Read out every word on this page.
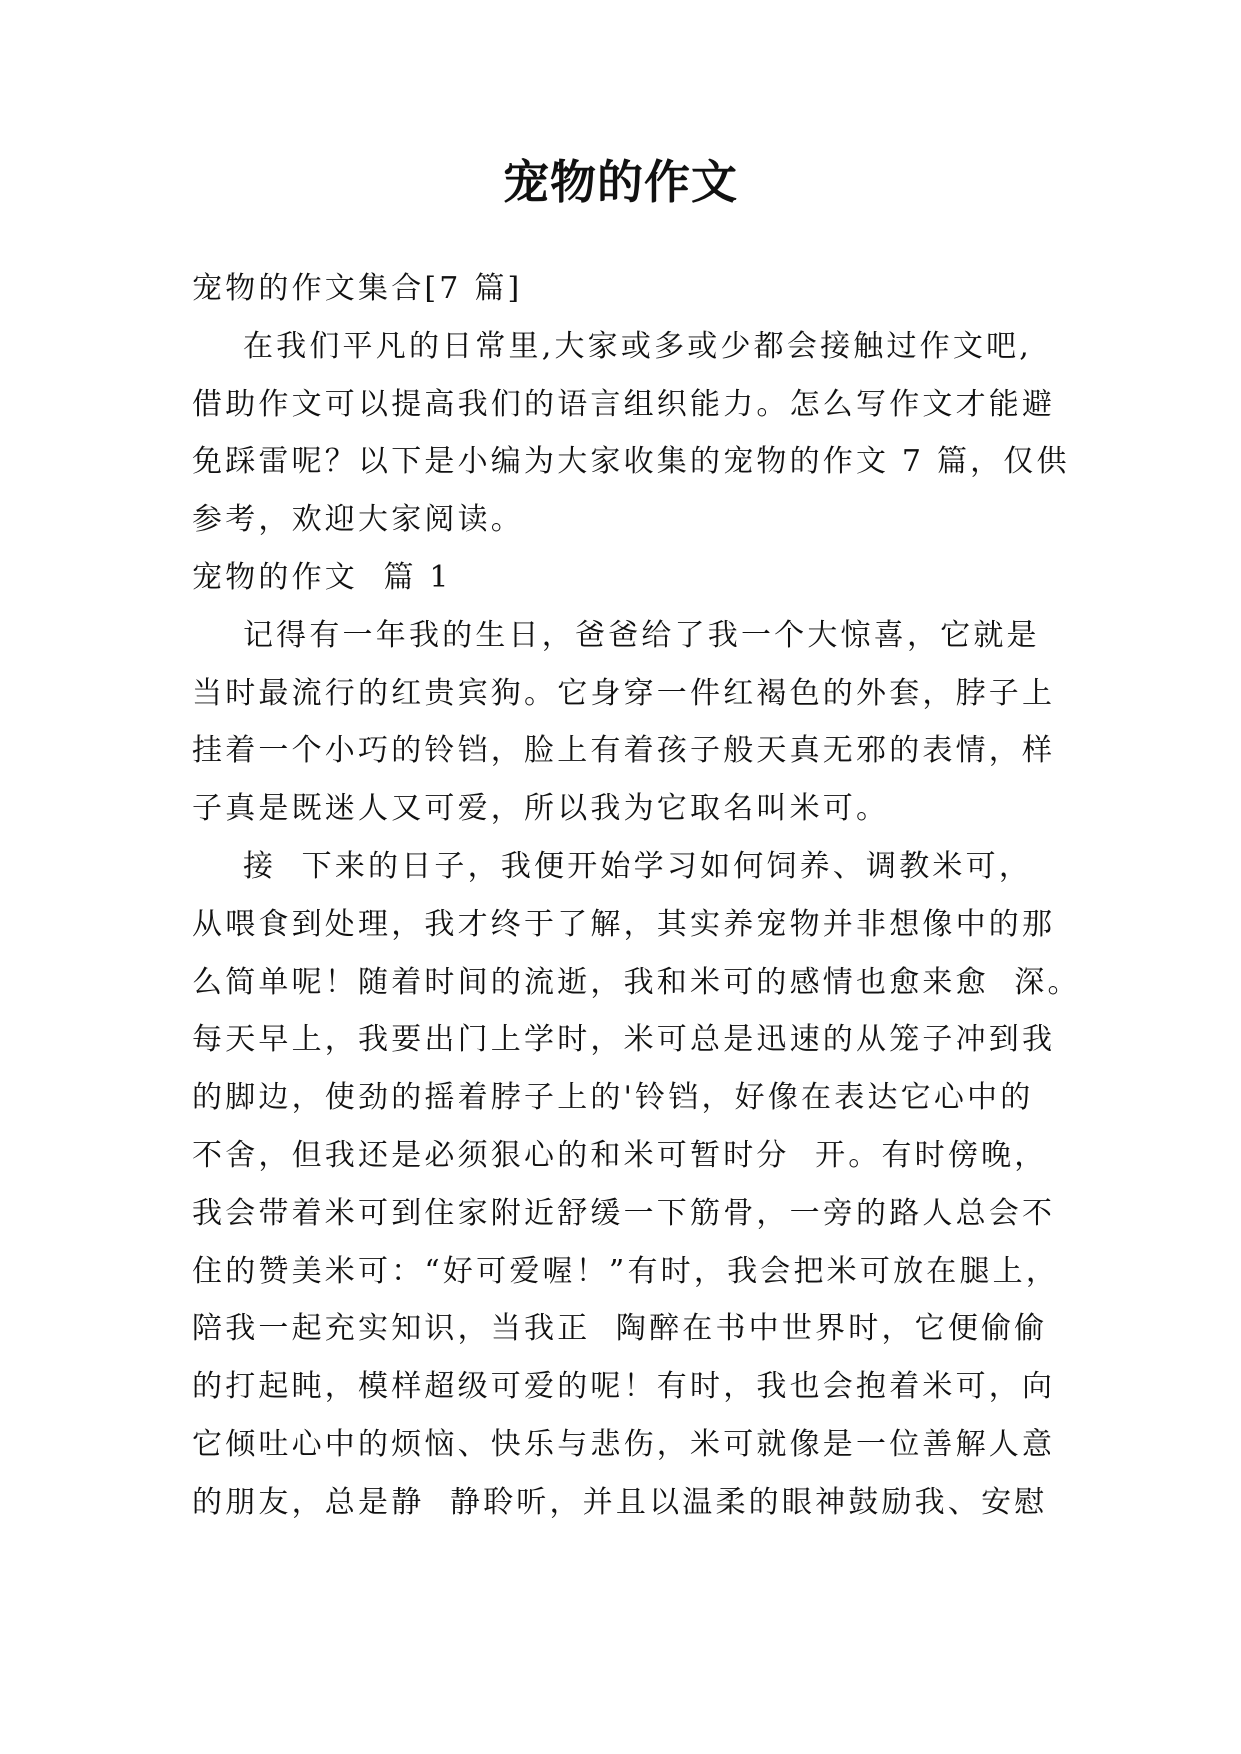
宠物的作文

宠物的作文集合[7 篇]

在我们平凡的日常里,大家或多或少都会接触过作文吧,

借助作文可以提高我们的语言组织能力。怎么写作文才能避

免踩雷呢？以下是小编为大家收集的宠物的作文 7 篇，仅供

参考，欢迎大家阅读。

宠物的作文  篇 1

记得有一年我的生日，爸爸给了我一个大惊喜，它就是

当时最流行的红贵宾狗。它身穿一件红褐色的外套，脖子上

挂着一个小巧的铃铛，脸上有着孩子般天真无邪的表情，样

子真是既迷人又可爱，所以我为它取名叫米可。

接  下来的日子，我便开始学习如何饲养、调教米可，

从喂食到处理，我才终于了解，其实养宠物并非想像中的那

么简单呢！随着时间的流逝，我和米可的感情也愈来愈  深。

每天早上，我要出门上学时，米可总是迅速的从笼子冲到我

的脚边，使劲的摇着脖子上的'铃铛，好像在表达它心中的

不舍，但我还是必须狠心的和米可暂时分  开。有时傍晚，

我会带着米可到住家附近舒缓一下筋骨，一旁的路人总会不

住的赞美米可：“好可爱喔！”有时，我会把米可放在腿上，

陪我一起充实知识，当我正  陶醉在书中世界时，它便偷偷

的打起盹，模样超级可爱的呢！有时，我也会抱着米可，向

它倾吐心中的烦恼、快乐与悲伤，米可就像是一位善解人意

的朋友，总是静  静聆听，并且以温柔的眼神鼓励我、安慰
